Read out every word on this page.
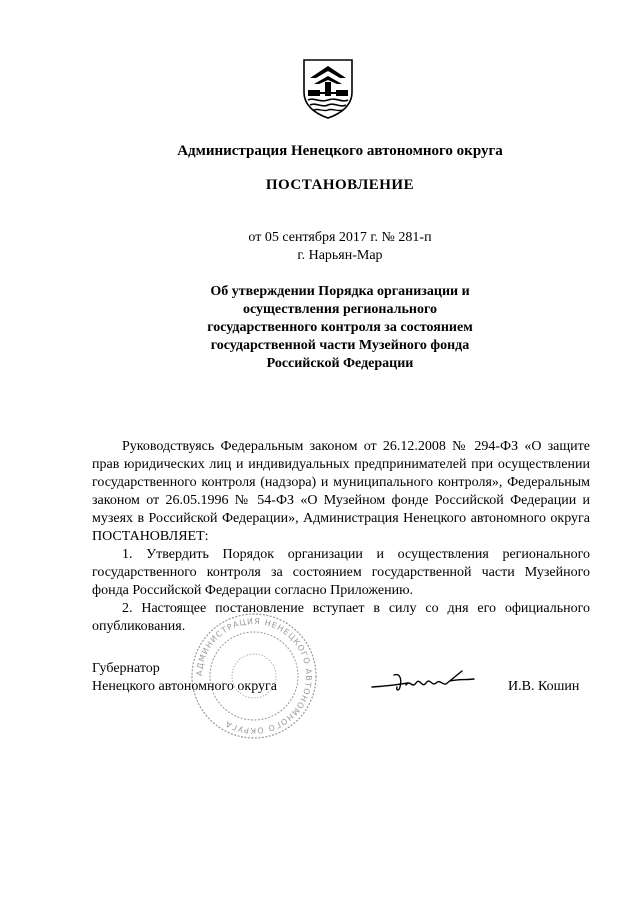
Администрация Ненецкого автономного округа
ПОСТАНОВЛЕНИЕ
от 05 сентября 2017 г. № 281-п
г. Нарьян-Мар
Об утверждении Порядка организации и
осуществления регионального
государственного контроля за состоянием
государственной части Музейного фонда
Российской Федерации

Руководствуясь Федеральным законом от 26.12.2008 № 294-ФЗ «О защите прав юридических лиц и индивидуальных предпринимателей при осуществлении государственного контроля (надзора) и муниципального контроля», Федеральным законом от 26.05.1996 № 54-ФЗ «О Музейном фонде Российской Федерации и музеях в Российской Федерации», Администрация Ненецкого автономного округа ПОСТАНОВЛЯЕТ:

1. Утвердить Порядок организации и осуществления регионального государственного контроля за состоянием государственной части Музейного фонда Российской Федерации согласно Приложению.

2. Настоящее постановление вступает в силу со дня его официального опубликования.

АДМИНИСТРАЦИЯ НЕНЕЦКОГО АВТОНОМНОГО ОКРУГА
Губернатор
Ненецкого автономного округа	И.В. Кошин
